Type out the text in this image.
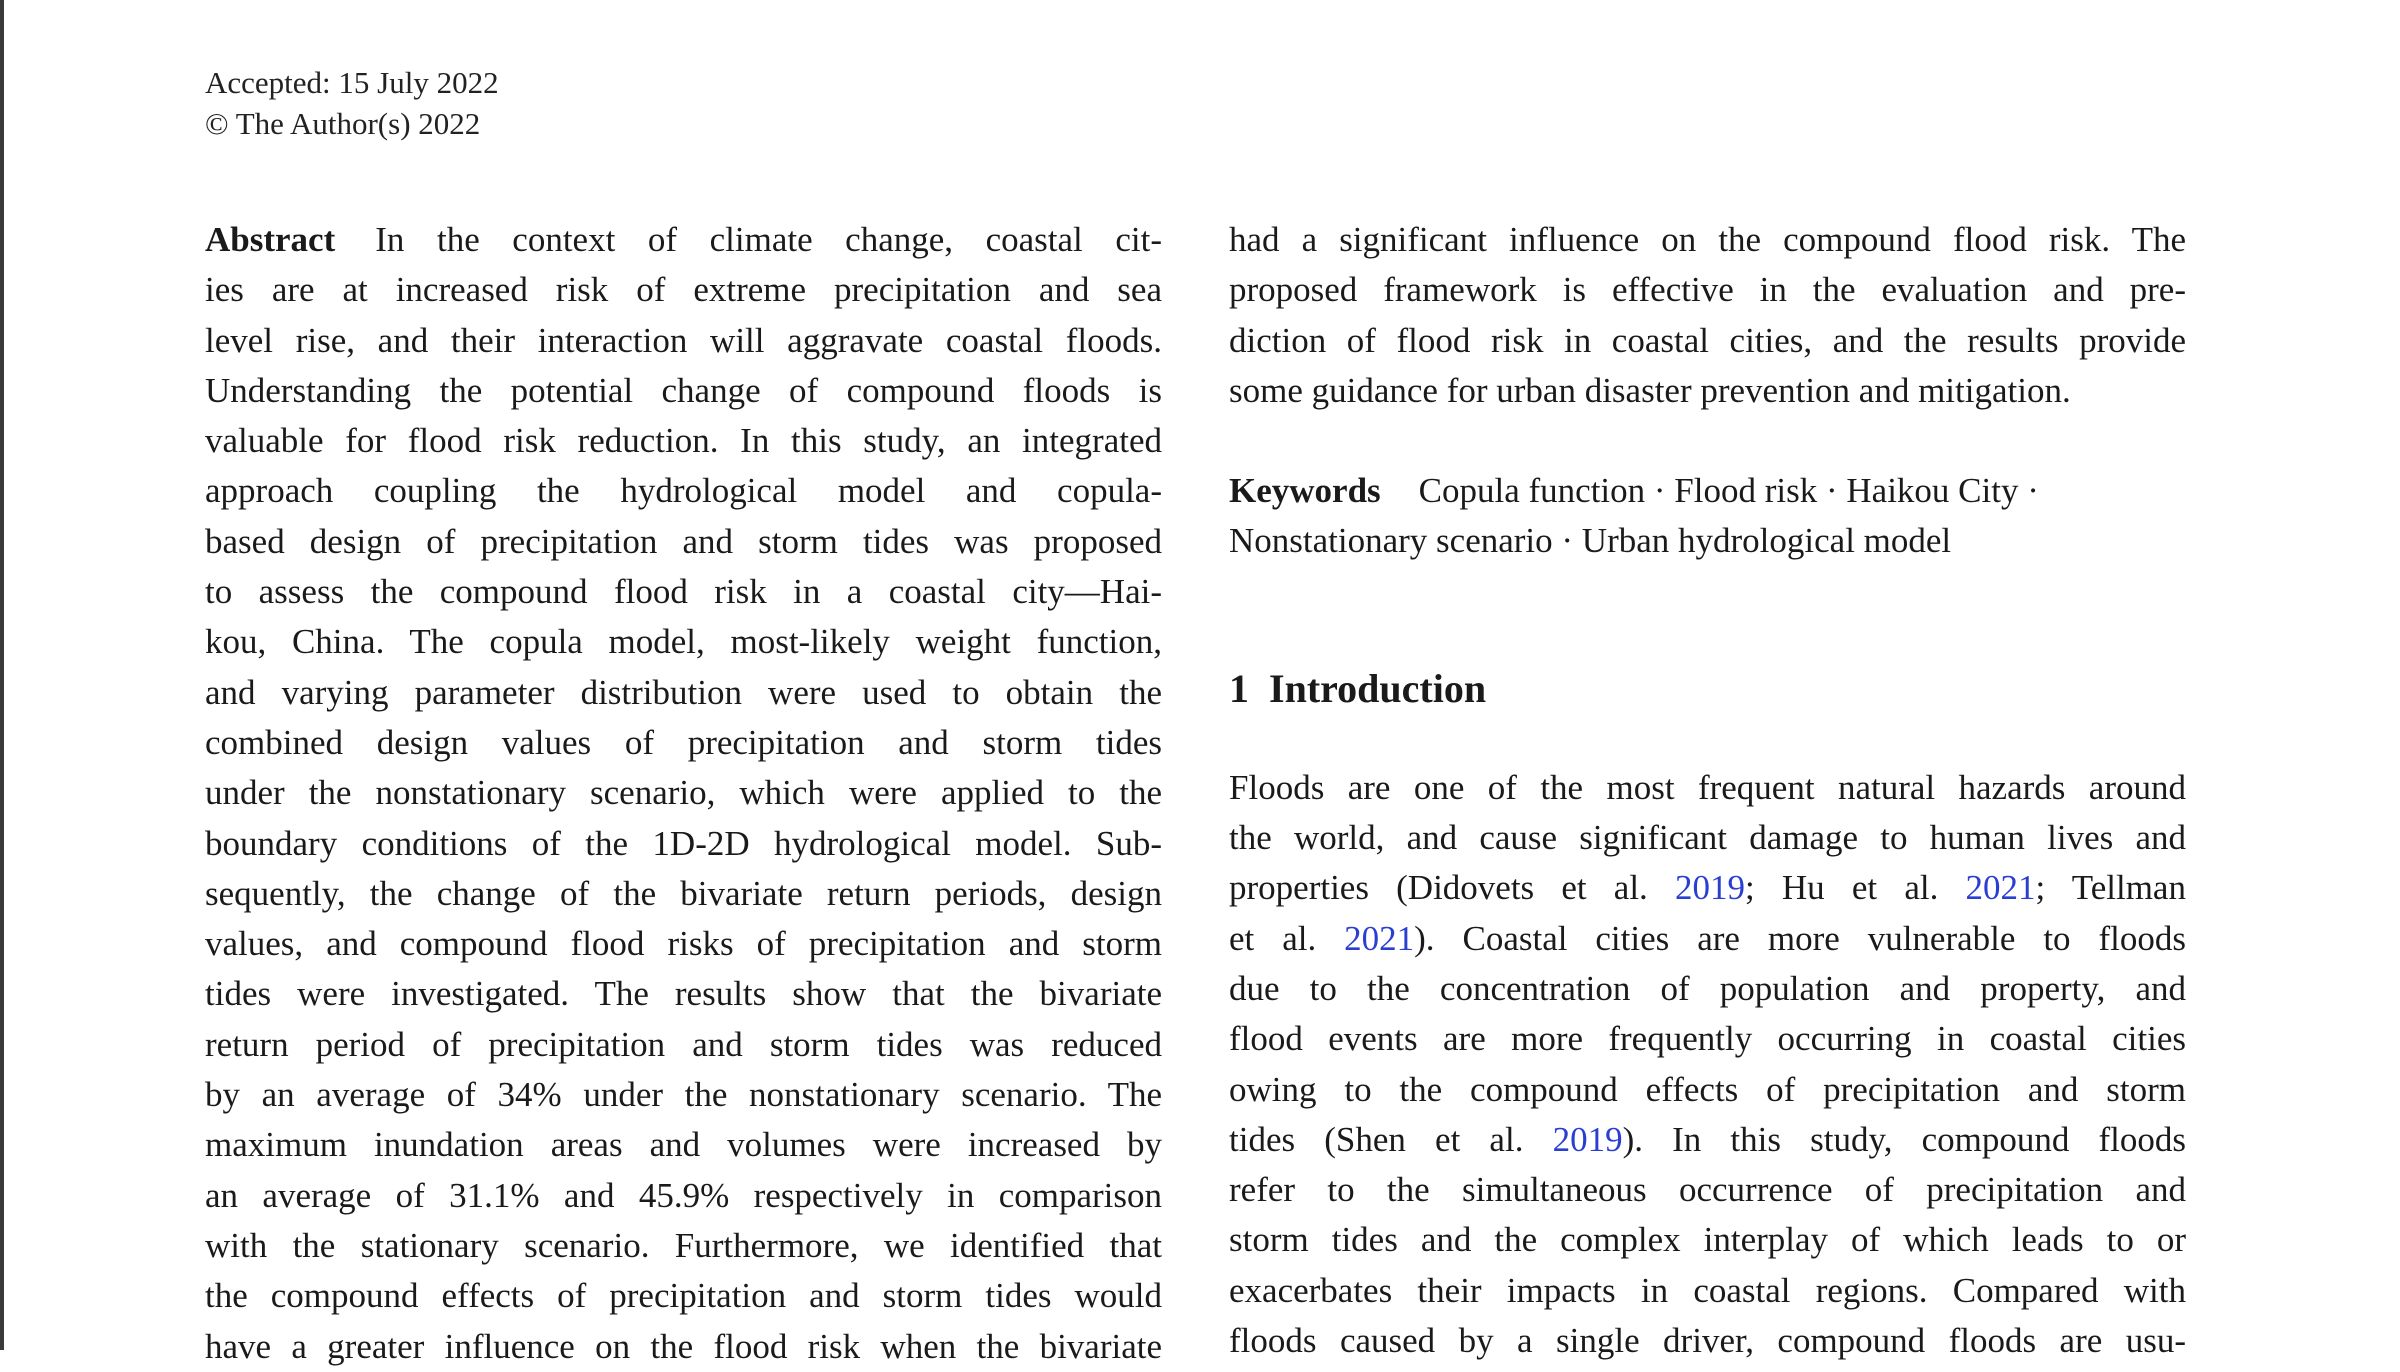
Accepted: 15 July 2022
© The Author(s) 2022
Abstract In the context of climate change, coastal cit-
ies are at increased risk of extreme precipitation and sea
level rise, and their interaction will aggravate coastal floods.
Understanding the potential change of compound floods is
valuable for flood risk reduction. In this study, an integrated
approach coupling the hydrological model and copula-
based design of precipitation and storm tides was proposed
to assess the compound flood risk in a coastal city—Hai-
kou, China. The copula model, most-likely weight function,
and varying parameter distribution were used to obtain the
combined design values of precipitation and storm tides
under the nonstationary scenario, which were applied to the
boundary conditions of the 1D-2D hydrological model. Sub-
sequently, the change of the bivariate return periods, design
values, and compound flood risks of precipitation and storm
tides were investigated. The results show that the bivariate
return period of precipitation and storm tides was reduced
by an average of 34% under the nonstationary scenario. The
maximum inundation areas and volumes were increased by
an average of 31.1% and 45.9% respectively in comparison
with the stationary scenario. Furthermore, we identified that
the compound effects of precipitation and storm tides would
have a greater influence on the flood risk when the bivariate
had a significant influence on the compound flood risk. The
proposed framework is effective in the evaluation and pre-
diction of flood risk in coastal cities, and the results provide
some guidance for urban disaster prevention and mitigation.
Keywords Copula function · Flood risk · Haikou City ·
Nonstationary scenario · Urban hydrological model
1 Introduction
Floods are one of the most frequent natural hazards around
the world, and cause significant damage to human lives and
properties (Didovets et al. 2019; Hu et al. 2021; Tellman
et al. 2021). Coastal cities are more vulnerable to floods
due to the concentration of population and property, and
flood events are more frequently occurring in coastal cities
owing to the compound effects of precipitation and storm
tides (Shen et al. 2019). In this study, compound floods
refer to the simultaneous occurrence of precipitation and
storm tides and the complex interplay of which leads to or
exacerbates their impacts in coastal regions. Compared with
floods caused by a single driver, compound floods are usu-
